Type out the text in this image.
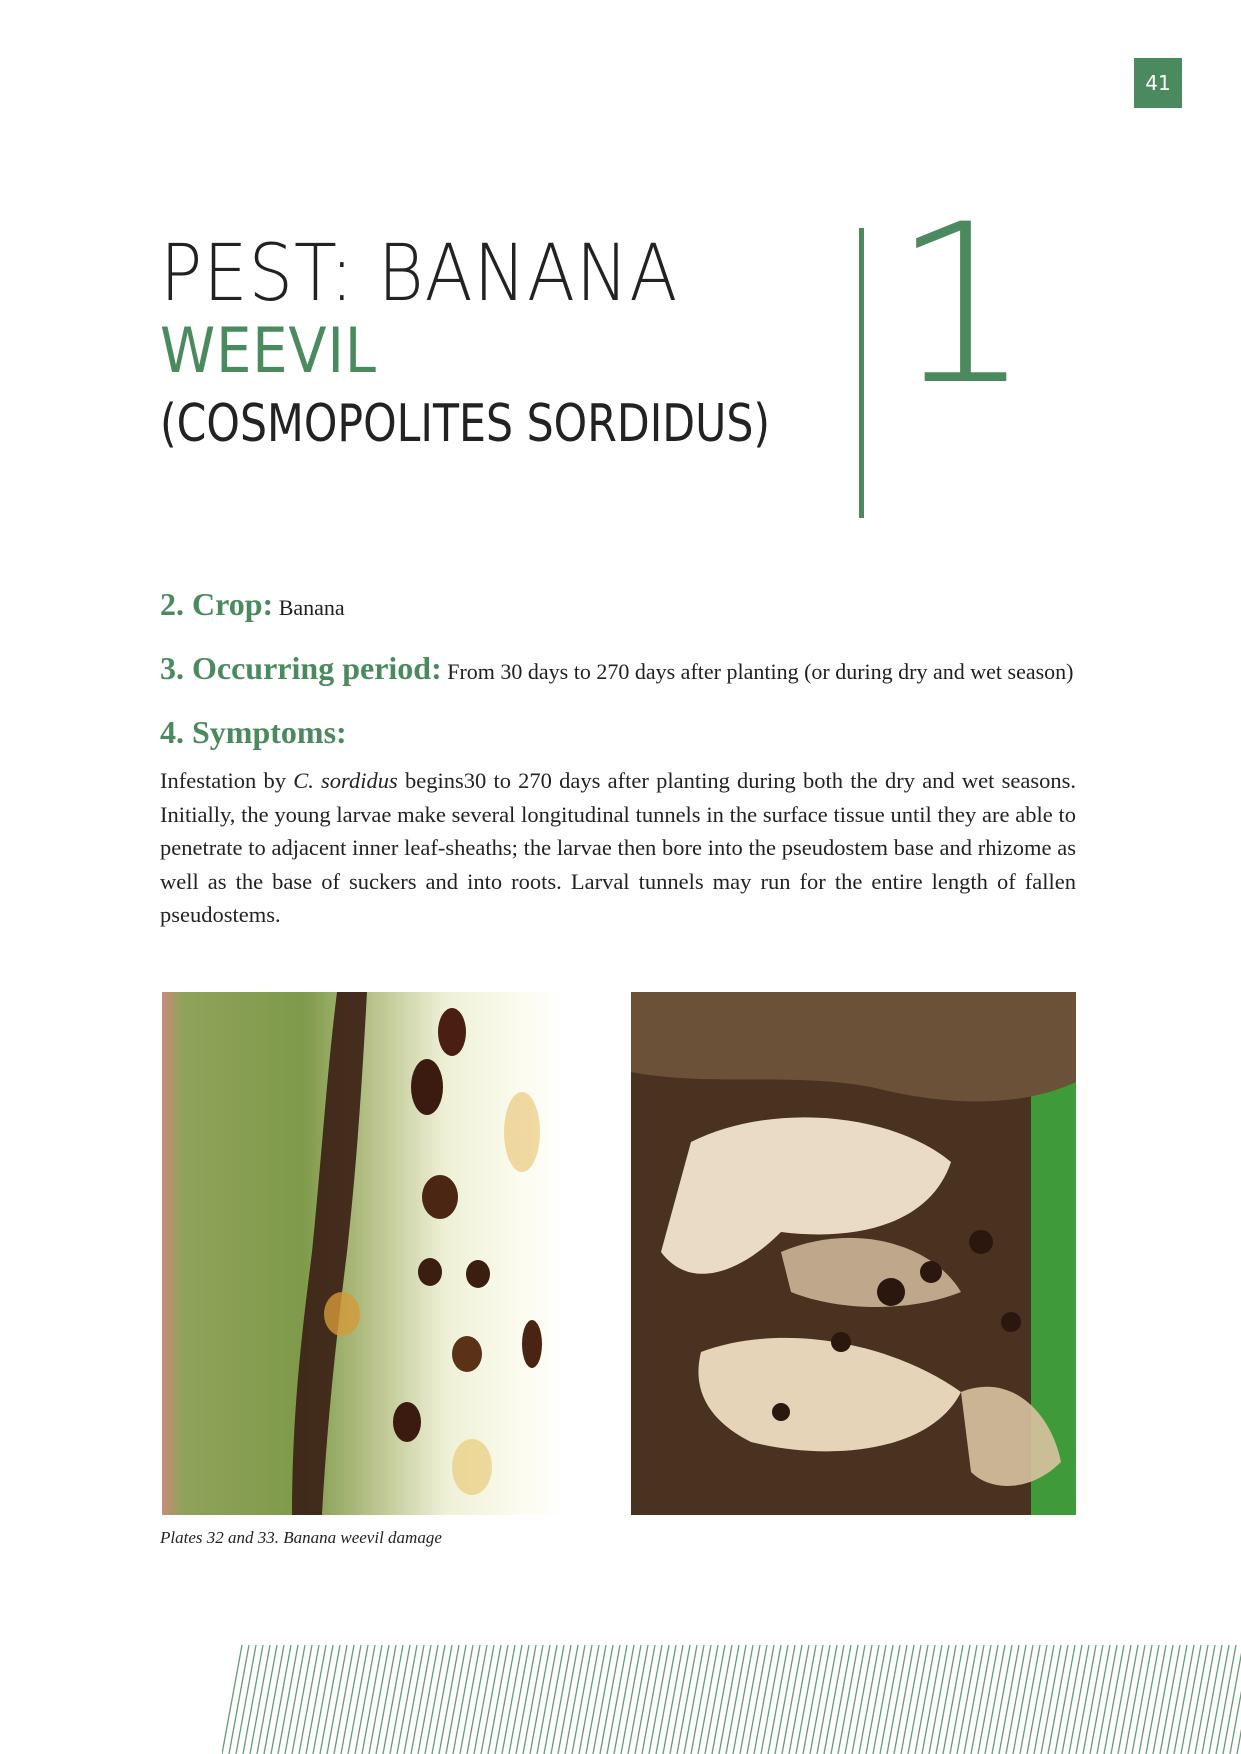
41
PEST: BANANA
WEEVIL
(COSMOPOLITES SORDIDUS) 1

2. Crop: Banana

3. Occurring period: From 30 days to 270 days after planting (or during dry and wet season)

4. Symptoms:

Infestation by C. sordidus begins30 to 270 days after planting during both the dry and wet seasons. Initially, the young larvae make several longitudinal tunnels in the surface tissue until they are able to penetrate to adjacent inner leaf-sheaths; the larvae then bore into the pseudostem base and rhizome as well as the base of suckers and into roots. Larval tunnels may run for the entire length of fallen pseudostems.

Plates 32 and 33. Banana weevil damage
